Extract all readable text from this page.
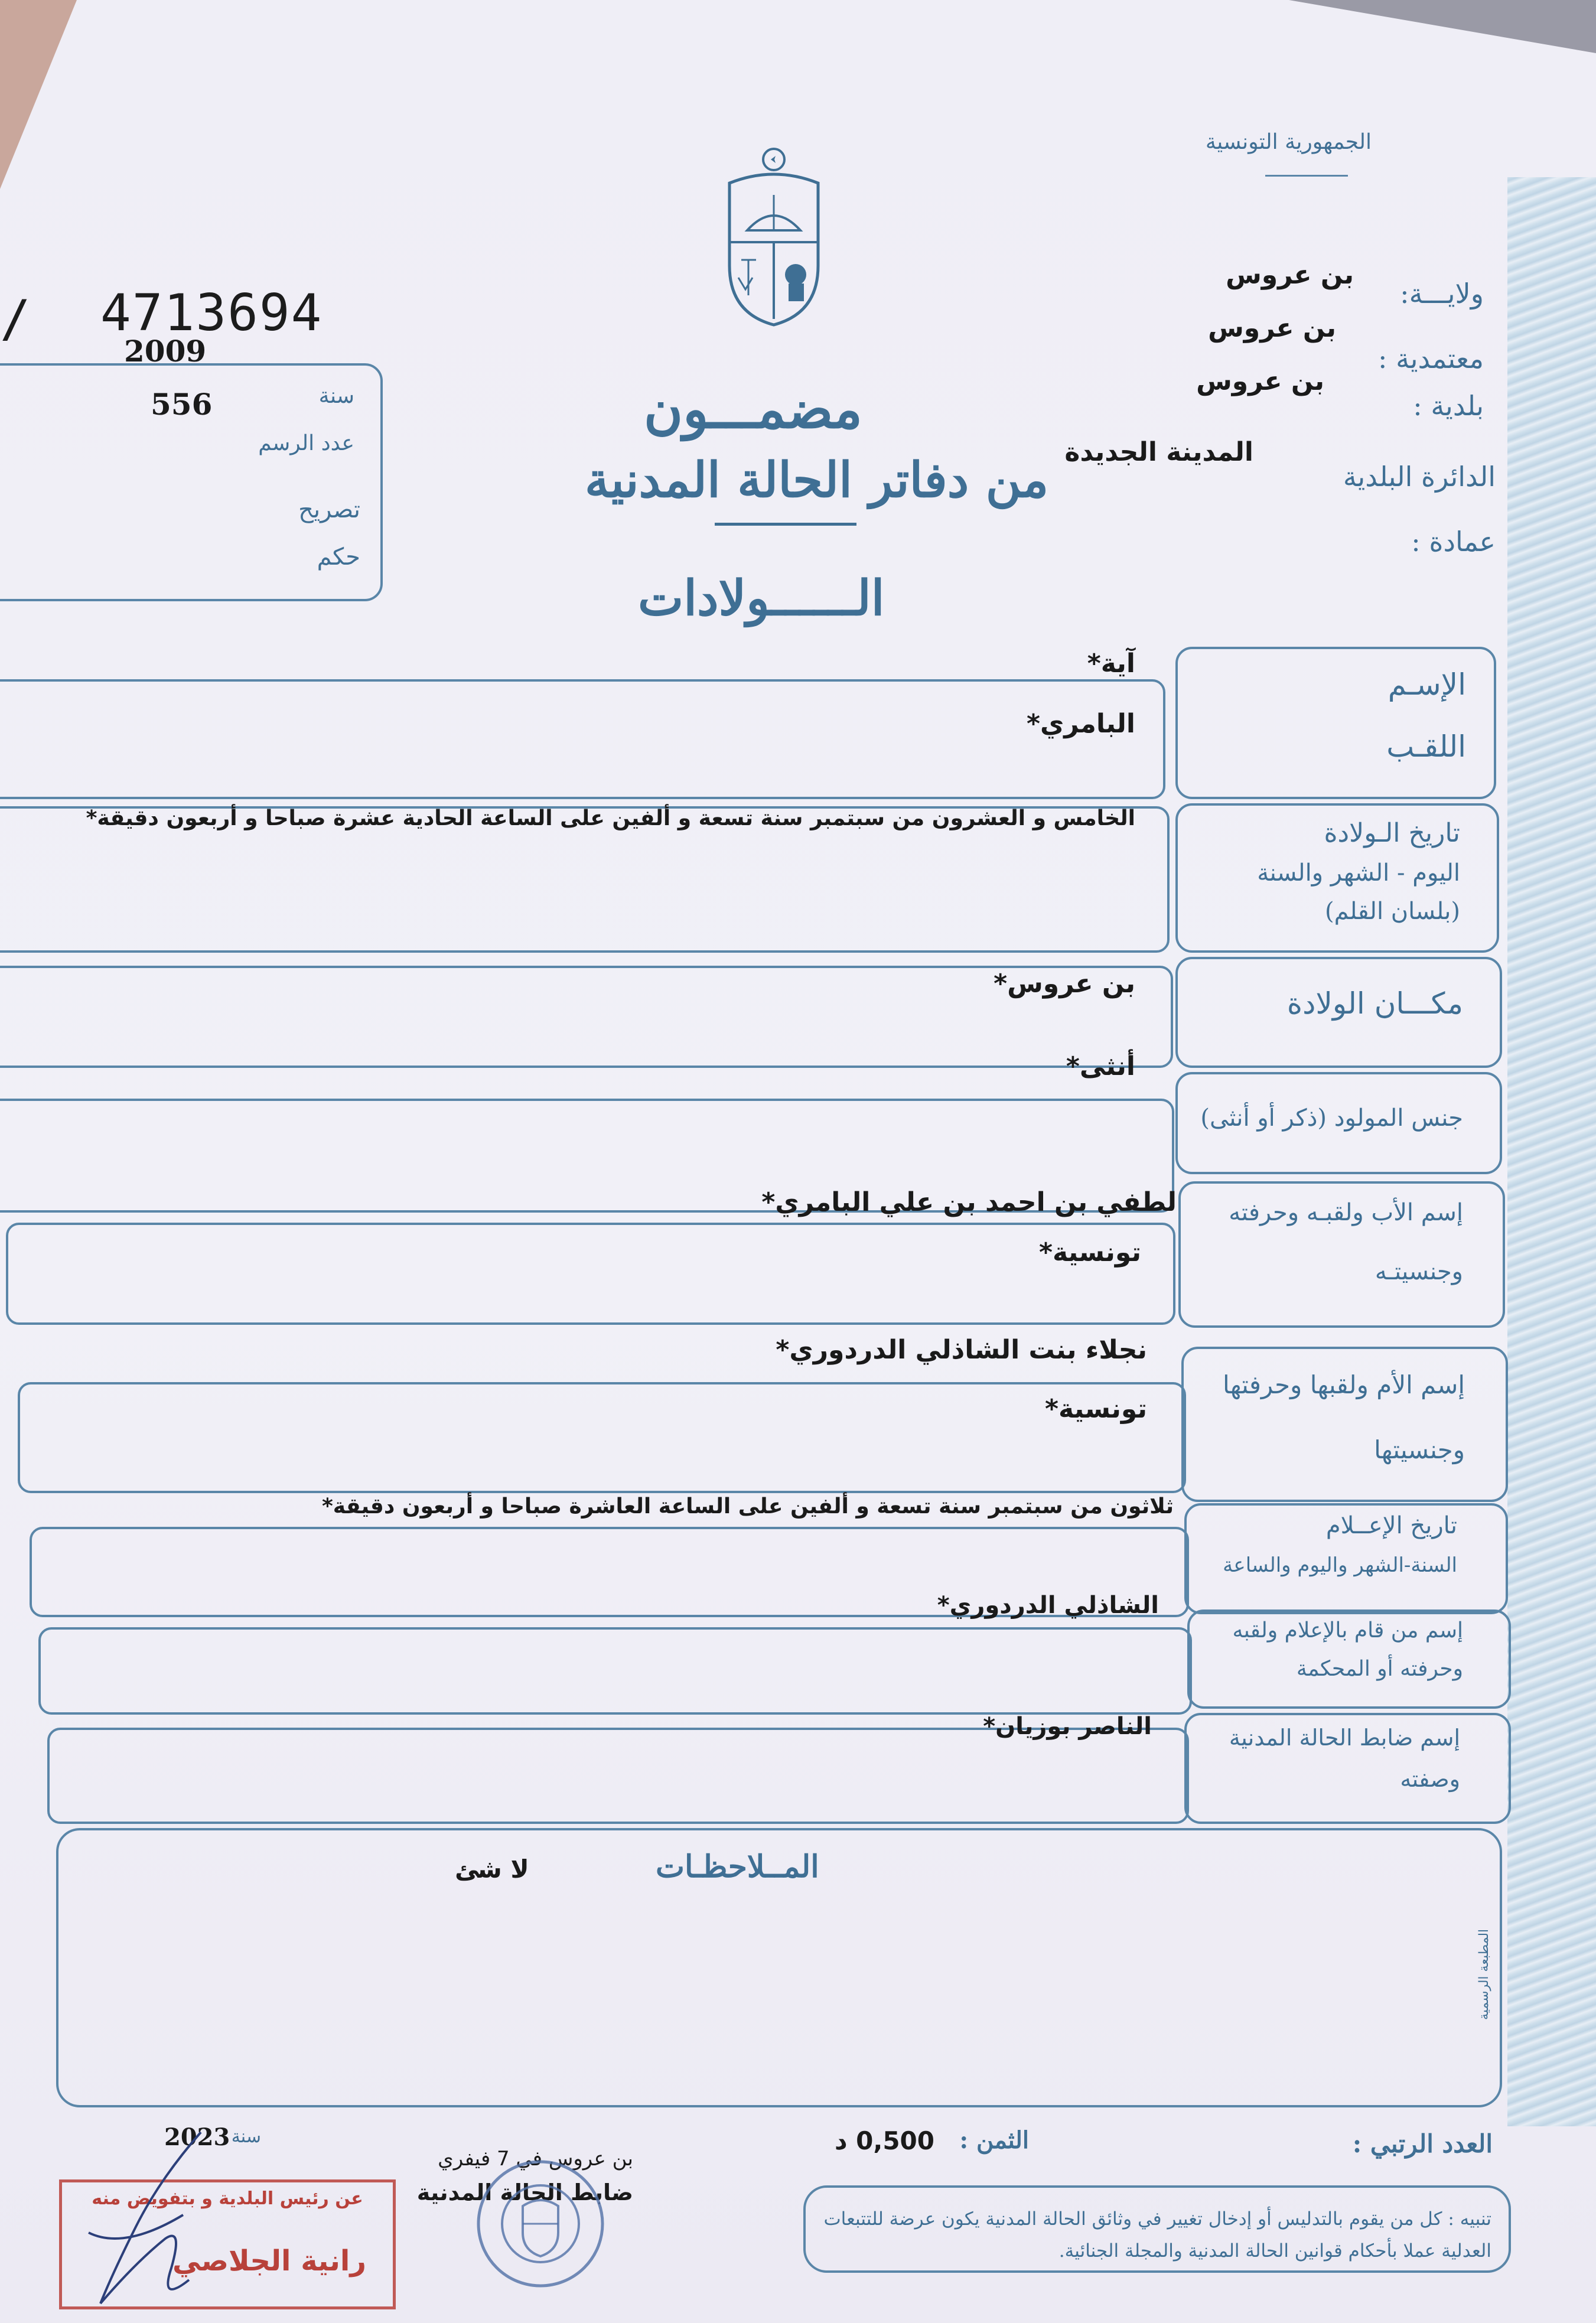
الجمهورية التونسية
ولايـــة:
بن عروس
معتمدية :
بن عروس
بلدية :
بن عروس
الدائرة البلدية
المدينة الجديدة
عمادة :
/ 4713694
2009
556	سنة
عدد الرسم
تصريح
حكم
مضمـــون
من دفاتر الحالة المدنية
الــــــولادات
الإسـم
اللقـب
آية*
البامري*
تاريخ الـولادة
اليوم - الشهر والسنة
(بلسان القلم)
الخامس و العشرون من سبتمبر سنة تسعة و ألفين على الساعة الحادية عشرة صباحا و أربعون دقيقة*
مكـــان الولادة
بن عروس*
جنس المولود (ذكر أو أنثى)
أنثى*
إسم الأب ولقبـه وحرفته
وجنسيتـه
لطفي بن احمد بن علي البامري*
تونسية*
إسم الأم ولقبها وحرفتها
وجنسيتها
نجلاء بنت الشاذلي الدردوري*
تونسية*
تاريخ الإعــلام
السنة-الشهر واليوم والساعة
ثلاثون من سبتمبر سنة تسعة و ألفين على الساعة العاشرة صباحا و أربعون دقيقة*
إسم من قام بالإعلام ولقبه
وحرفته أو المحكمة
الشاذلي الدردوري*
إسم ضابط الحالة المدنية
وصفته
الناصر بوزيان*
المــلاحظـات
لا شئ
المطبعة الرسمية
العدد الرتبي :
الثمن :
0,500 د
تنبيه : كل من يقوم بالتدليس أو إدخال تغيير في وثائق الحالة المدنية يكون عرضة للتتبعات العدلية عملا بأحكام قوانين الحالة المدنية والمجلة الجنائية.
بن عروس في 7 فيفري
سنة
2023
ضابط الحالة المدنية
عن رئيس البلدية و بتفويض منه
رانية الجلاصي
